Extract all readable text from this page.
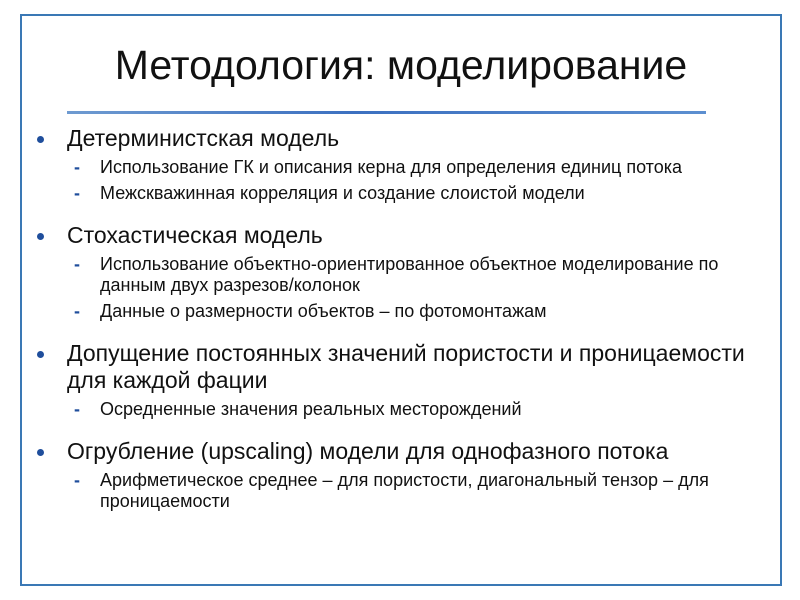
Методология: моделирование
Детерминистская модель
-	Использование ГК и описания керна для определения единиц потока
-	Межскважинная корреляция и создание слоистой модели
Стохастическая модель
-	Использование объектно-ориентированное объектное моделирование по данным двух разрезов/колонок
-	Данные о размерности объектов – по фотомонтажам
Допущение постоянных значений пористости и проницаемости для каждой фации
-	Осредненные значения реальных месторождений
Огрубление (upscaling) модели для однофазного потока
-	Арифметическое среднее – для пористости, диагональный тензор – для проницаемости
